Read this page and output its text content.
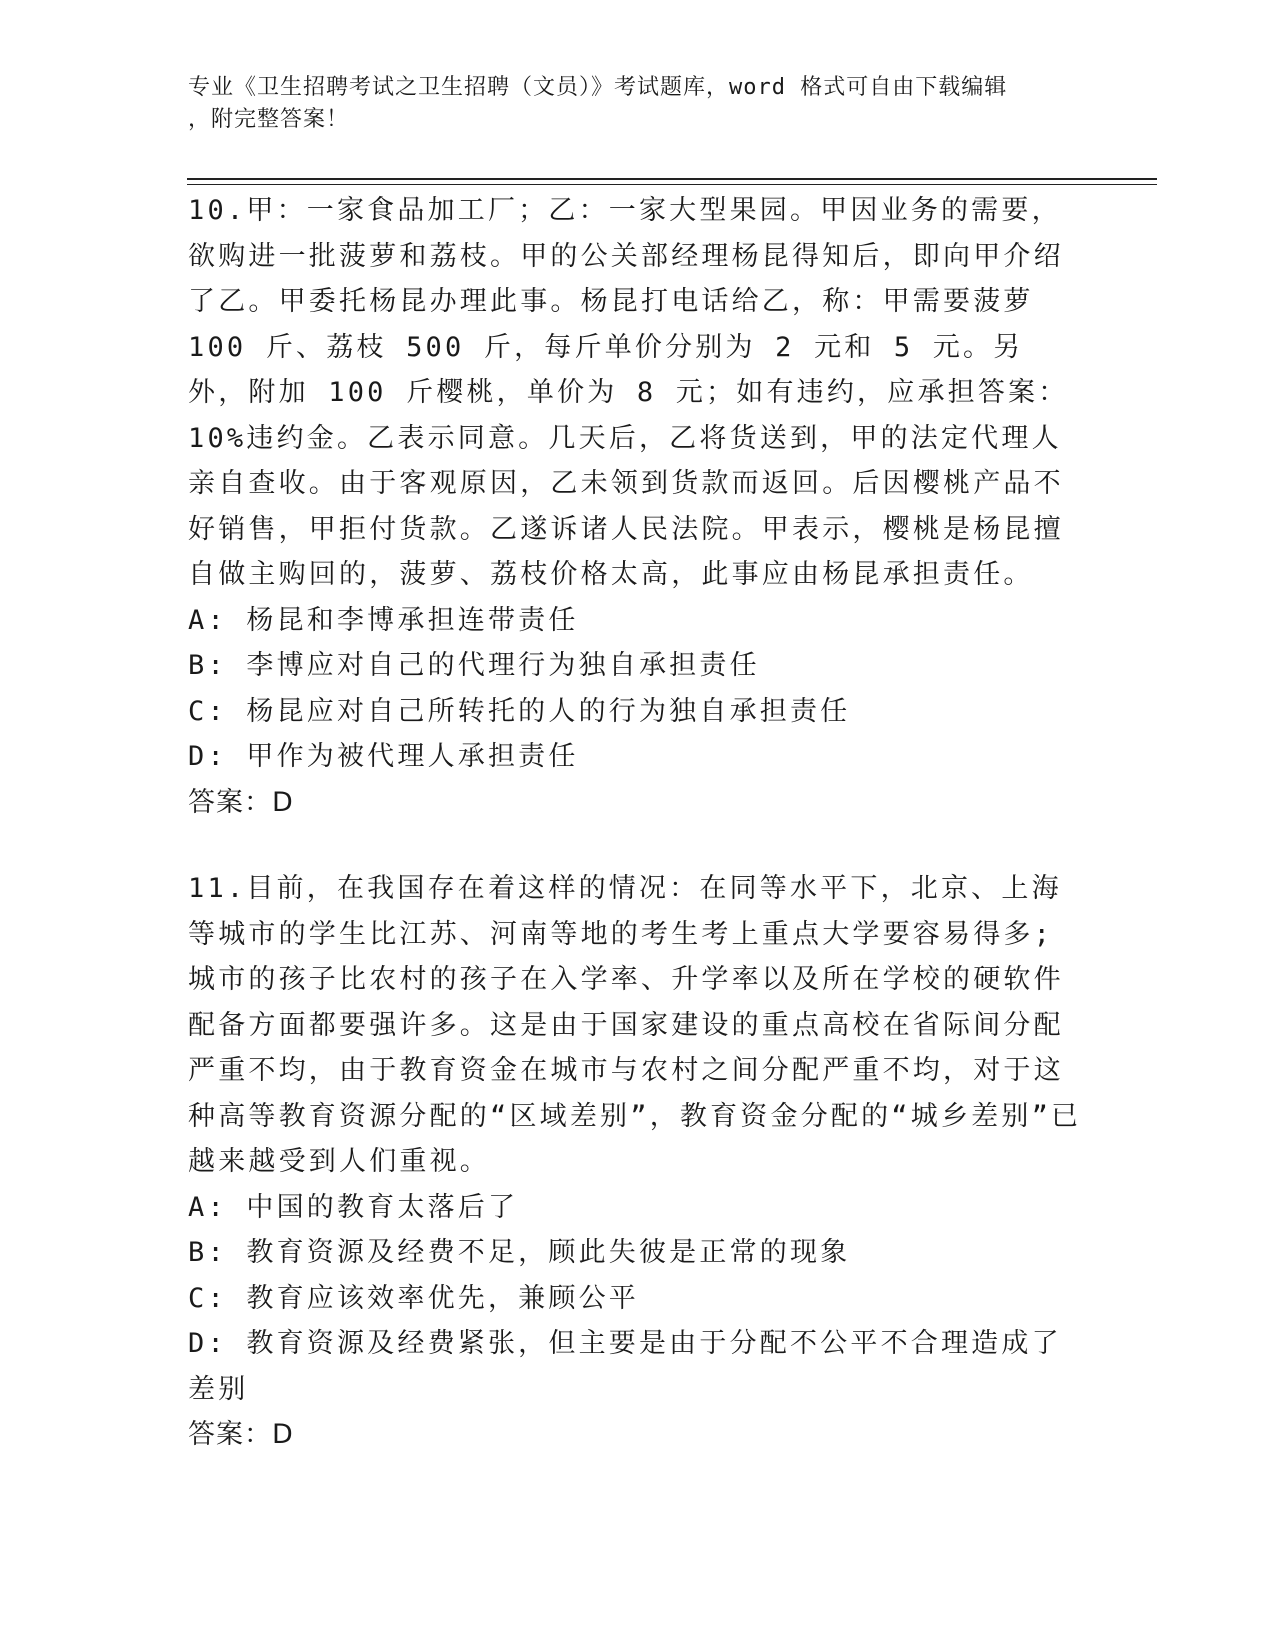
专业《卫生招聘考试之卫生招聘（文员）》考试题库，word 格式可自由下载编辑

，附完整答案！

10.甲：一家食品加工厂；乙：一家大型果园。甲因业务的需要，欲购进一批菠萝和荔枝。甲的公关部经理杨昆得知后，即向甲介绍了乙。甲委托杨昆办理此事。杨昆打电话给乙，称：甲需要菠萝 100 斤、荔枝 500 斤，每斤单价分别为 2 元和 5 元。另外，附加 100 斤樱桃，单价为 8 元；如有违约，应承担答案：10%违约金。乙表示同意。几天后，乙将货送到，甲的法定代理人亲自查收。由于客观原因，乙未领到货款而返回。后因樱桃产品不好销售，甲拒付货款。乙遂诉诸人民法院。甲表示，樱桃是杨昆擅自做主购回的，菠萝、荔枝价格太高，此事应由杨昆承担责任。

A: 杨昆和李博承担连带责任

B: 李博应对自己的代理行为独自承担责任

C: 杨昆应对自己所转托的人的行为独自承担责任

D: 甲作为被代理人承担责任

答案：D

11.目前，在我国存在着这样的情况：在同等水平下，北京、上海等城市的学生比江苏、河南等地的考生考上重点大学要容易得多;城市的孩子比农村的孩子在入学率、升学率以及所在学校的硬软件配备方面都要强许多。这是由于国家建设的重点高校在省际间分配严重不均，由于教育资金在城市与农村之间分配严重不均，对于这种高等教育资源分配的“区域差别”，教育资金分配的“城乡差别”已越来越受到人们重视。

A: 中国的教育太落后了

B: 教育资源及经费不足，顾此失彼是正常的现象

C: 教育应该效率优先，兼顾公平

D: 教育资源及经费紧张，但主要是由于分配不公平不合理造成了差别

答案：D
